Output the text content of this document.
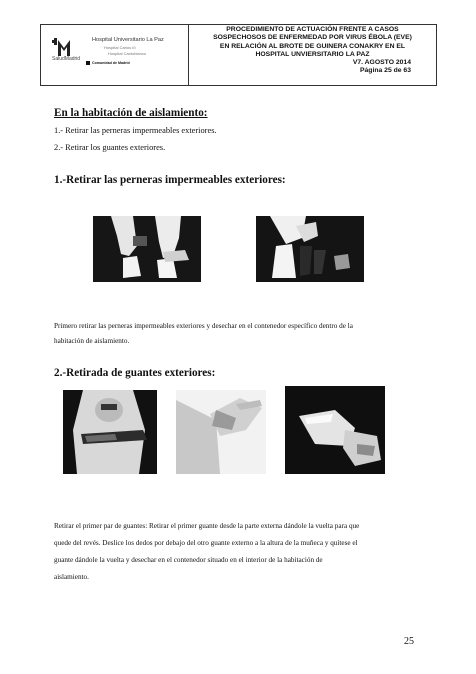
Hospital Universitario La Paz
Hospital Carlos III
Hospital Cantoblanco
SaludMadrid
Comunidad de Madrid
PROCEDIMIENTO DE ACTUACIÓN FRENTE A CASOS
SOSPECHOSOS DE ENFERMEDAD POR VIRUS ÉBOLA (EVE)
EN RELACIÓN AL BROTE DE GUINERA CONAKRY EN EL
HOSPITAL UNVIERSITARIO LA PAZ
V7. AGOSTO 2014
Página 25 de 63
En la habitación de aislamiento:
1.- Retirar las perneras impermeables exteriores.
2.- Retirar los guantes exteriores.
1.-Retirar las perneras impermeables exteriores:
Primero retirar las perneras impermeables exteriores y desechar en el contenedor específico dentro de la
habitación de aislamiento.
2.-Retirada de guantes exteriores:
Retirar el primer par de guantes: Retirar el primer guante desde la parte externa dándole la vuelta para que
quede del revés. Deslice los dedos por debajo del otro guante externo a la altura de la muñeca y quítese el
guante dándole la vuelta y desechar en el contenedor situado en el interior de la habitación de
aislamiento.
25
